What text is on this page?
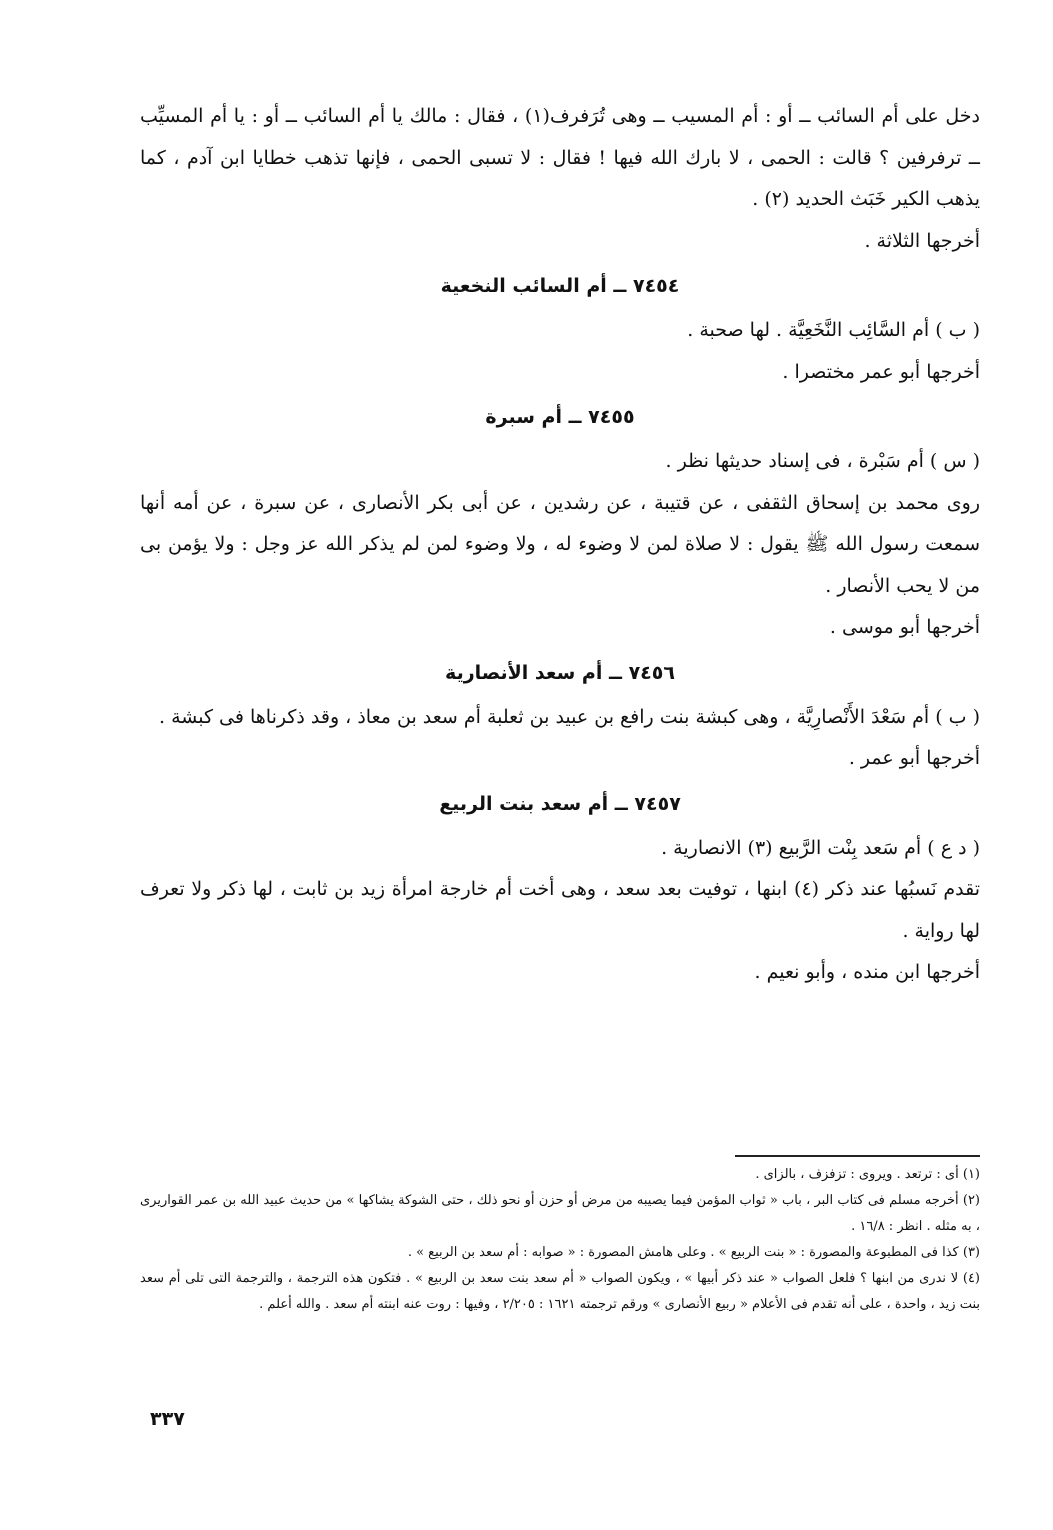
دخل على أم السائب ــ أو : أم المسيب ــ وهى تُرَفرف(١) ، فقال : مالك يا أم السائب ــ أو : يا أم المسيِّب ــ ترفرفين ؟ قالت : الحمى ، لا بارك الله فيها ! فقال : لا تسبى الحمى ، فإنها تذهب خطايا ابن آدم ، كما يذهب الكير خَبَث الحديد (٢) .

أخرجها الثلاثة .

٧٤٥٤ ــ أم السائب النخعية

( ب ) أم السَّائِب النَّخَعِيَّة . لها صحبة .

أخرجها أبو عمر مختصرا .

٧٤٥٥ ــ أم سبرة

( س ) أم سَبْرة ، فى إسناد حديثها نظر .

روى محمد بن إسحاق الثقفى ، عن قتيبة ، عن رشدين ، عن أبى بكر الأنصارى ، عن سبرة ، عن أمه أنها سمعت رسول الله ﷺ يقول : لا صلاة لمن لا وضوء له ، ولا وضوء لمن لم يذكر الله عز وجل : ولا يؤمن بى من لا يحب الأنصار .

أخرجها أبو موسى .

٧٤٥٦ ــ أم سعد الأنصارية

( ب ) أم سَعْدَ الأَنْصارِيَّة ، وهى كبشة بنت رافع بن عبيد بن ثعلبة أم سعد بن معاذ ، وقد ذكرناها فى كبشة .

أخرجها أبو عمر .

٧٤٥٧ ــ أم سعد بنت الربيع

( د ع ) أم سَعد بِنْت الرَّبيع (٣) الانصارية .

تقدم نَسبُها عند ذكر (٤) ابنها ، توفيت بعد سعد ، وهى أخت أم خارجة امرأة زيد بن ثابت ، لها ذكر ولا تعرف لها رواية .

أخرجها ابن منده ، وأبو نعيم .

(١) أى : ترتعد . ويروى : تزفزف ، بالزاى .

(٢) أخرجه مسلم فى كتاب البر ، باب « ثواب المؤمن فيما يصيبه من مرض أو حزن أو نحو ذلك ، حتى الشوكة يشاكها » من حديث عبيد الله بن عمر القواريرى ، به مثله . انظر : ١٦/٨ .

(٣) كذا فى المطبوعة والمصورة : « بنت الربيع » . وعلى هامش المصورة : « صوابه : أم سعد بن الربيع » .

(٤) لا ندرى من ابنها ؟ فلعل الصواب « عند ذكر أبيها » ، ويكون الصواب « أم سعد بنت سعد بن الربيع » . فتكون هذه الترجمة ، والترجمة التى تلى أم سعد بنت زيد ، واحدة ، على أنه تقدم فى الأعلام « ربيع الأنصارى » ورقم ترجمته ١٦٢١ : ٢/٢٠٥ ، وفيها : روت عنه ابنته أم سعد . والله أعلم .

٣٣٧
